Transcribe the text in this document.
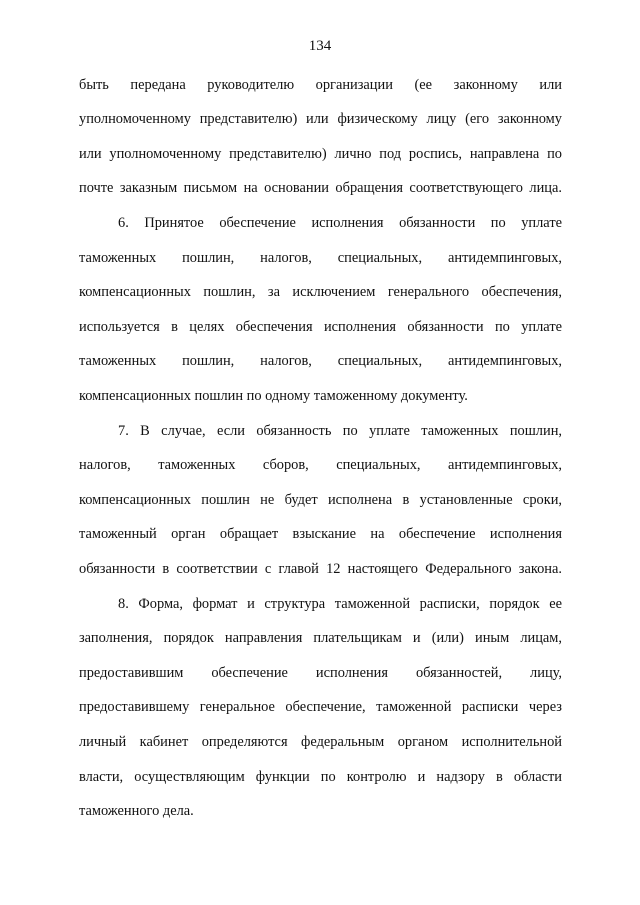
134
быть передана руководителю организации (ее законному или
уполномоченному представителю) или физическому лицу (его законному
или уполномоченному представителю) лично под роспись, направлена по
почте заказным письмом на основании обращения соответствующего лица.
6. Принятое обеспечение исполнения обязанности по уплате
таможенных пошлин, налогов, специальных, антидемпинговых,
компенсационных пошлин, за исключением генерального обеспечения,
используется в целях обеспечения исполнения обязанности по уплате
таможенных пошлин, налогов, специальных, антидемпинговых,
компенсационных пошлин по одному таможенному документу.
7. В случае, если обязанность по уплате таможенных пошлин,
налогов, таможенных сборов, специальных, антидемпинговых,
компенсационных пошлин не будет исполнена в установленные сроки,
таможенный орган обращает взыскание на обеспечение исполнения
обязанности в соответствии с главой 12 настоящего Федерального закона.
8. Форма, формат и структура таможенной расписки, порядок ее
заполнения, порядок направления плательщикам и (или) иным лицам,
предоставившим обеспечение исполнения обязанностей, лицу,
предоставившему генеральное обеспечение, таможенной расписки через
личный кабинет определяются федеральным органом исполнительной
власти, осуществляющим функции по контролю и надзору в области
таможенного дела.
